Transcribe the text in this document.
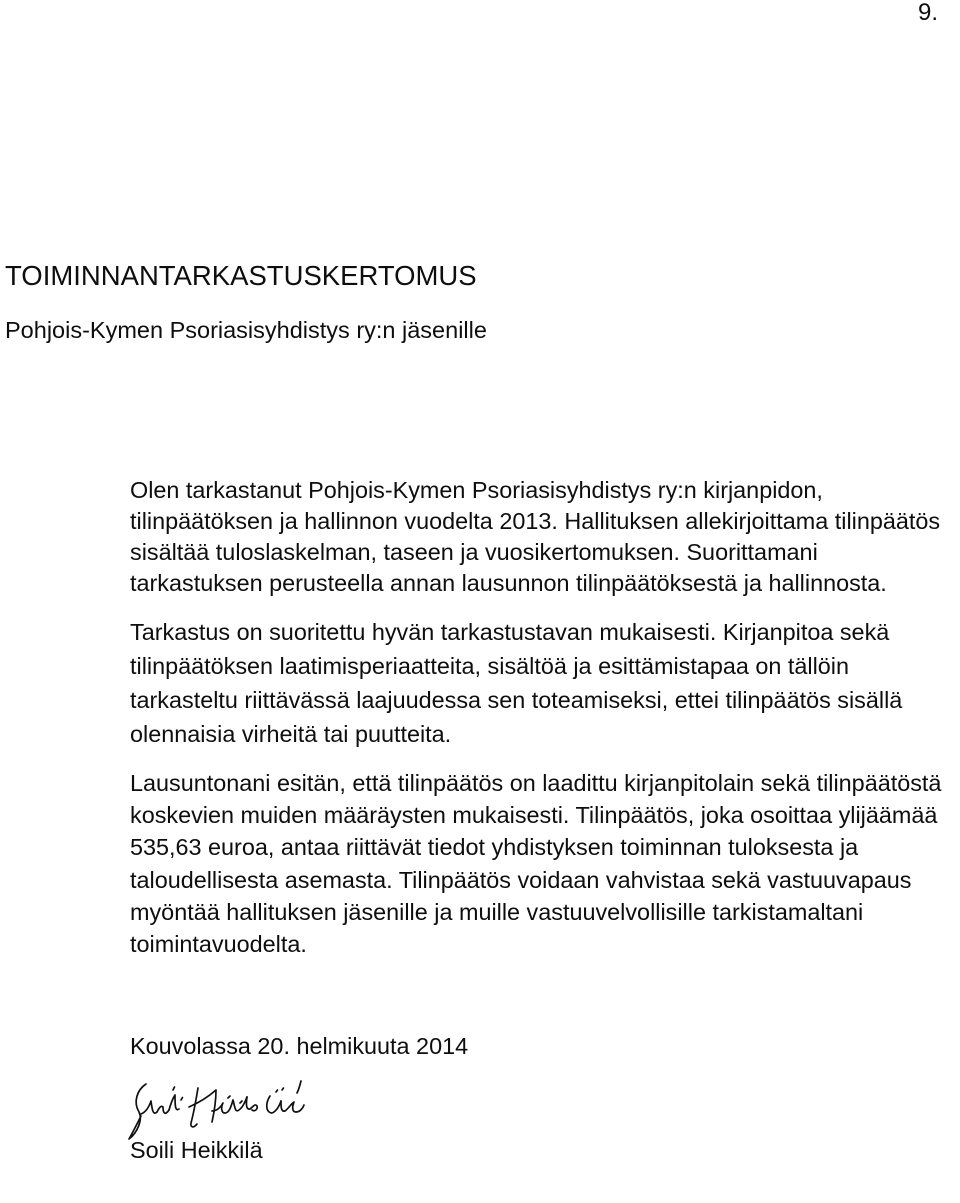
9.
TOIMINNANTARKASTUSKERTOMUS
Pohjois-Kymen Psoriasisyhdistys ry:n jäsenille
Olen tarkastanut Pohjois-Kymen Psoriasisyhdistys ry:n kirjanpidon,
tilinpäätöksen ja hallinnon vuodelta 2013. Hallituksen allekirjoittama tilinpäätös
sisältää tuloslaskelman, taseen ja vuosikertomuksen. Suorittamani
tarkastuksen perusteella annan lausunnon tilinpäätöksestä ja hallinnosta.
Tarkastus on suoritettu hyvän tarkastustavan mukaisesti. Kirjanpitoa sekä
tilinpäätöksen laatimisperiaatteita, sisältöä ja esittämistapaa on tällöin
tarkasteltu riittävässä laajuudessa sen toteamiseksi, ettei tilinpäätös sisällä
olennaisia virheitä tai puutteita.
Lausuntonani esitän, että tilinpäätös on laadittu kirjanpitolain sekä tilinpäätöstä
koskevien muiden määräysten mukaisesti. Tilinpäätös, joka osoittaa ylijäämää
535,63 euroa, antaa riittävät tiedot yhdistyksen toiminnan tuloksesta ja
taloudellisesta asemasta. Tilinpäätös voidaan vahvistaa sekä vastuuvapaus
myöntää hallituksen jäsenille ja muille vastuuvelvollisille tarkistamaltani
toimintavuodelta.
Kouvolassa 20. helmikuuta 2014
Soili Heikkilä
